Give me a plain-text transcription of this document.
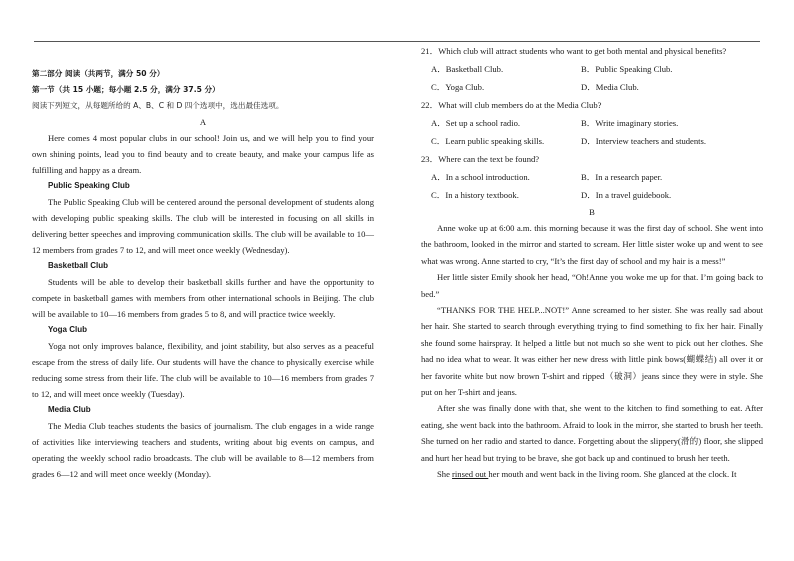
第二部分 阅读（共两节，满分 50 分）
第一节（共 15 小题；每小题 2.5 分，满分 37.5 分）
阅读下列短文，从每题所给的 A、B、C 和 D 四个选项中，选出最佳选项。
A

Here comes 4 most popular clubs in our school! Join us, and we will help you to find your own shining points, lead you to find beauty and to create beauty, and make your campus life as fulfilling and happy as a dream.

Public Speaking Club

The Public Speaking Club will be centered around the personal development of students along with developing public speaking skills. The club will be interested in focusing on all skills in delivering better speeches and improving communication skills. The club will be available to 10—12 members from grades 7 to 12, and will meet once weekly (Wednesday).

Basketball Club

Students will be able to develop their basketball skills further and have the opportunity to compete in basketball games with members from other international schools in Beijing. The club will be available to 10—16 members from grades 5 to 8, and will practice twice weekly.

Yoga Club

Yoga not only improves balance, flexibility, and joint stability, but also serves as a peaceful escape from the stress of daily life. Our students will have the chance to physically exercise while reducing some stress from their life. The club will be available to 10—16 members from grades 7 to 12, and will meet once weekly (Tuesday).

Media Club

The Media Club teaches students the basics of journalism. The club engages in a wide range of activities like interviewing teachers and students, writing about big events on campus, and operating the weekly school radio broadcasts. The club will be available to 8—12 members from grades 6—12 and will meet once weekly (Monday).

21．Which club will attract students who want to get both mental and physical benefits?
A．Basketball Club.	B．Public Speaking Club.
C．Yoga Club.	D．Media Club.
22．What will club members do at the Media Club?
A．Set up a school radio.	B．Write imaginary stories.
C．Learn public speaking skills.	D．Interview teachers and students.
23．Where can the text be found?
A．In a school introduction.	B．In a research paper.
C．In a history textbook.	D．In a travel guidebook.
B

Anne woke up at 6:00 a.m. this morning because it was the first day of school. She went into the bathroom, looked in the mirror and started to scream. Her little sister woke up and went to see what was wrong. Anne started to cry, “It’s the first day of school and my hair is a mess!”

Her little sister Emily shook her head, “Oh!Anne you woke me up for that. I’m going back to bed.”

“THANKS FOR THE HELP...NOT!” Anne screamed to her sister. She was really sad about her hair. She started to search through everything trying to find something to fix her hair. Finally she found some hairspray. It helped a little but not much so she went to pick out her clothes. She had no idea what to wear. It was either her new dress with little pink bows(蝴蝶结) all over it or her favorite white but now brown T-shirt and ripped（破洞）jeans since they were in style. She put on her T-shirt and jeans.

After she was finally done with that, she went to the kitchen to find something to eat. After eating, she went back into the bathroom. Afraid to look in the mirror, she started to brush her teeth. She turned on her radio and started to dance. Forgetting about the slippery(滑的) floor, she slipped and hurt her head but trying to be brave, she got back up and continued to brush her teeth.

She rinsed out her mouth and went back in the living room. She glanced at the clock. It
